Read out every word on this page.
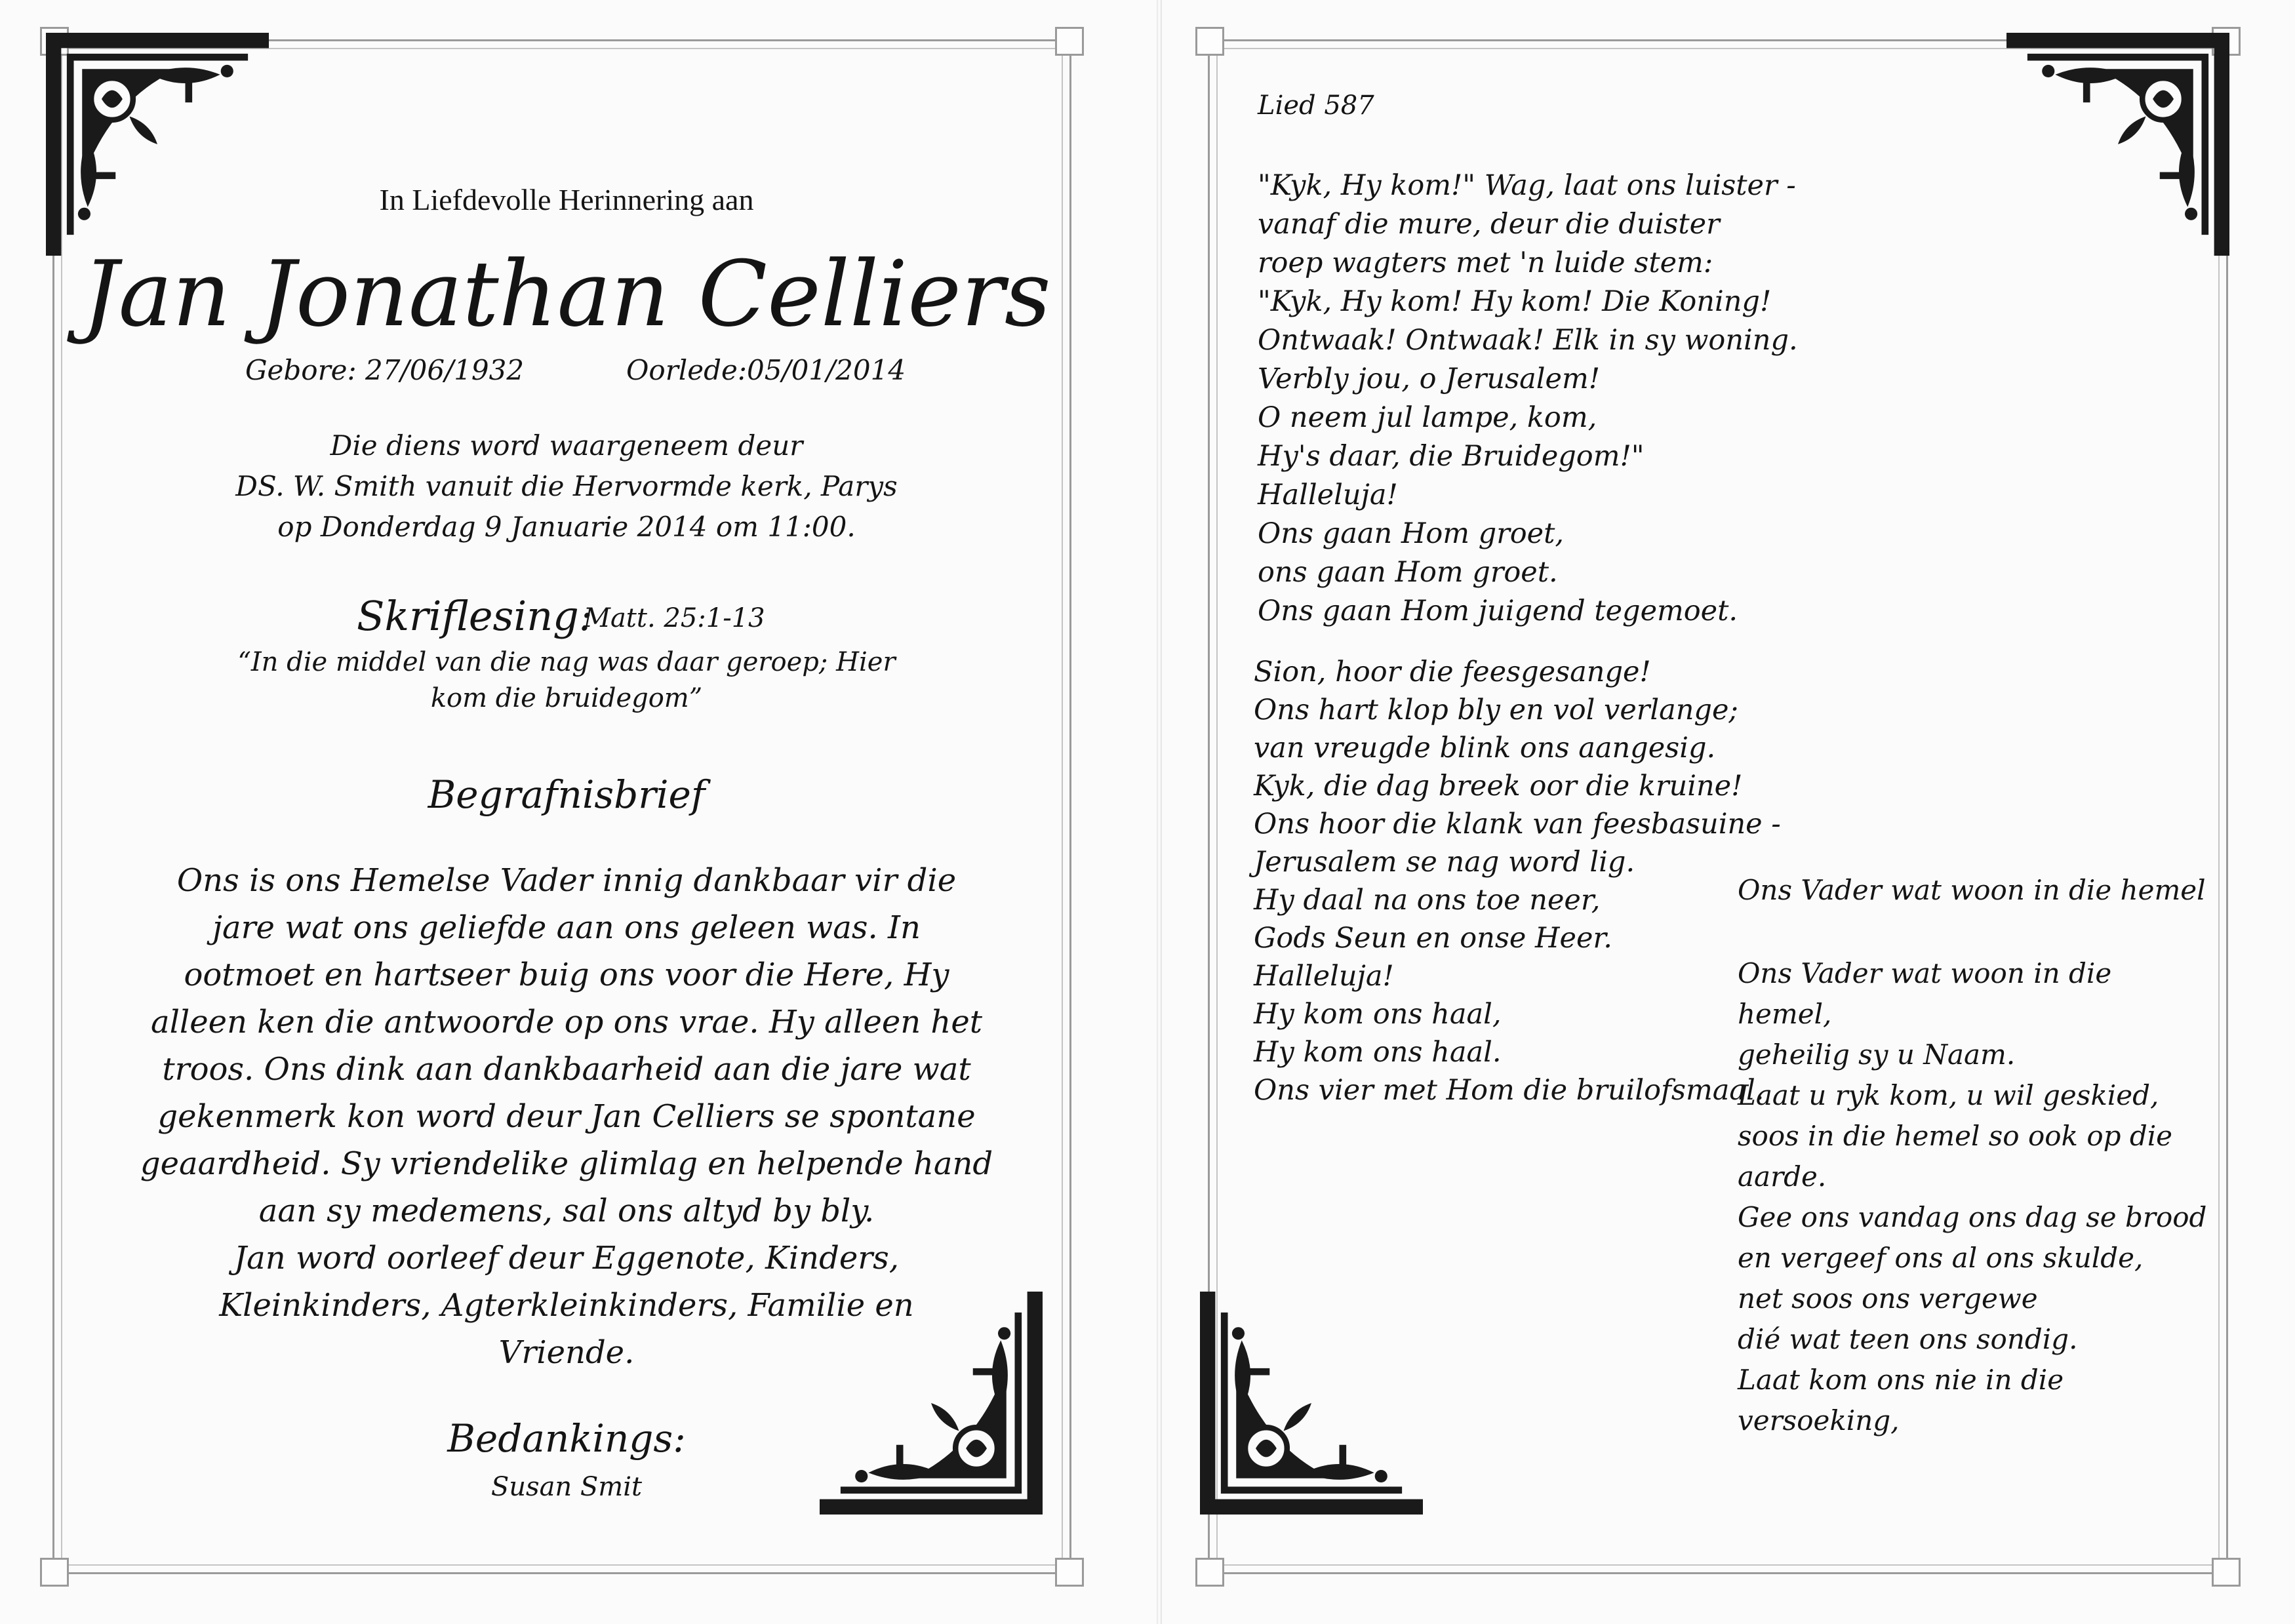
In Liefdevolle Herinnering aan
Jan Jonathan Celliers
Gebore: 27/06/1932	Oorlede:05/01/2014
Die diens word waargeneem deur
DS. W. Smith vanuit die Hervormde kerk, Parys
op Donderdag 9 Januarie 2014 om 11:00.
Skriflesing:
Matt. 25:1-13
“In die middel van die nag was daar geroep; Hier
kom die bruidegom”
Begrafnisbrief
Ons is ons Hemelse Vader innig dankbaar vir die
jare wat ons geliefde aan ons geleen was. In
ootmoet en hartseer buig ons voor die Here, Hy
alleen ken die antwoorde op ons vrae. Hy alleen het
troos. Ons dink aan dankbaarheid aan die jare wat
gekenmerk kon word deur Jan Celliers se spontane
geaardheid. Sy vriendelike glimlag en helpende hand
aan sy medemens, sal ons altyd by bly.
Jan word oorleef deur Eggenote, Kinders,
Kleinkinders, Agterkleinkinders, Familie en
Vriende.
Bedankings:
Susan Smit
Lied 587
"Kyk, Hy kom!" Wag, laat ons luister -
vanaf die mure, deur die duister
roep wagters met 'n luide stem:
"Kyk, Hy kom! Hy kom! Die Koning!
Ontwaak! Ontwaak! Elk in sy woning.
Verbly jou, o Jerusalem!
O neem jul lampe, kom,
Hy's daar, die Bruidegom!"
Halleluja!
Ons gaan Hom groet,
ons gaan Hom groet.
Ons gaan Hom juigend tegemoet.
Sion, hoor die feesgesange!
Ons hart klop bly en vol verlange;
van vreugde blink ons aangesig.
Kyk, die dag breek oor die kruine!
Ons hoor die klank van feesbasuine -
Jerusalem se nag word lig.
Hy daal na ons toe neer,
Gods Seun en onse Heer.
Halleluja!
Hy kom ons haal,
Hy kom ons haal.
Ons vier met Hom die bruilofsmaal.
Ons Vader wat woon in die hemel
Ons Vader wat woon in die
hemel,
geheilig sy u Naam.
Laat u ryk kom, u wil geskied,
soos in die hemel so ook op die
aarde.
Gee ons vandag ons dag se brood
en vergeef ons al ons skulde,
net soos ons vergewe
dié wat teen ons sondig.
Laat kom ons nie in die
versoeking,
